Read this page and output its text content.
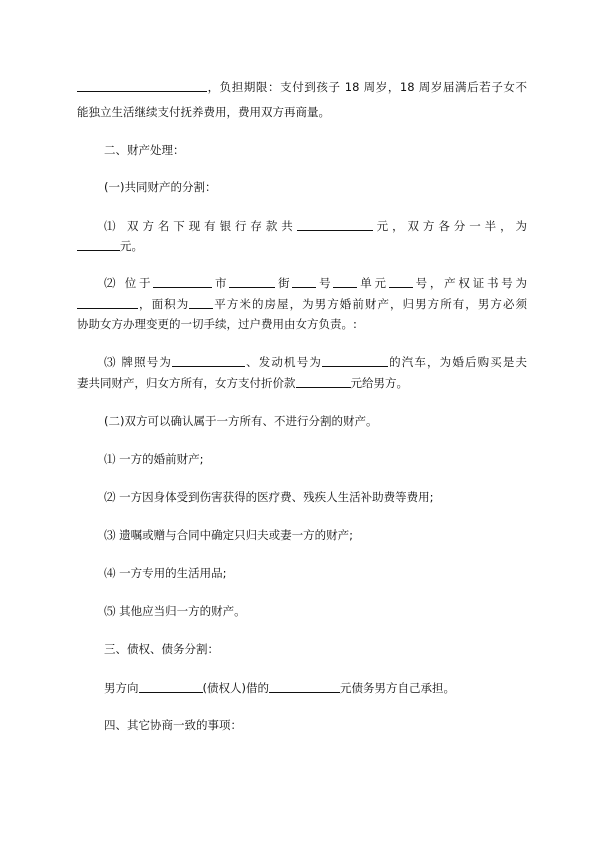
，负担期限：支付到孩子 18 周岁，18 周岁届满后若子女不
能独立生活继续支付抚养费用，费用双方再商量。
二、财产处理：
(一)共同财产的分割：
⑴ 双方名下现有银行存款共	元，双方各分一半，为
元。
⑵ 位于	市	街 号 单元 号，产权证书号为
，面积为 平方米的房屋，为男方婚前财产，归男方所有，男方必须
协助女方办理变更的一切手续，过户费用由女方负责。:
⑶ 牌照号为	、发动机号为	的汽车，为婚后购买是夫
妻共同财产，归女方所有，女方支付折价款	元给男方。
(二)双方可以确认属于一方所有、不进行分割的财产。
⑴ 一方的婚前财产;
⑵ 一方因身体受到伤害获得的医疗费、残疾人生活补助费等费用;
⑶ 遗嘱或赠与合同中确定只归夫或妻一方的财产;
⑷ 一方专用的生活用品;
⑸ 其他应当归一方的财产。
三、债权、债务分割：
男方向	(债权人)借的	元债务男方自己承担。
四、其它协商一致的事项：
